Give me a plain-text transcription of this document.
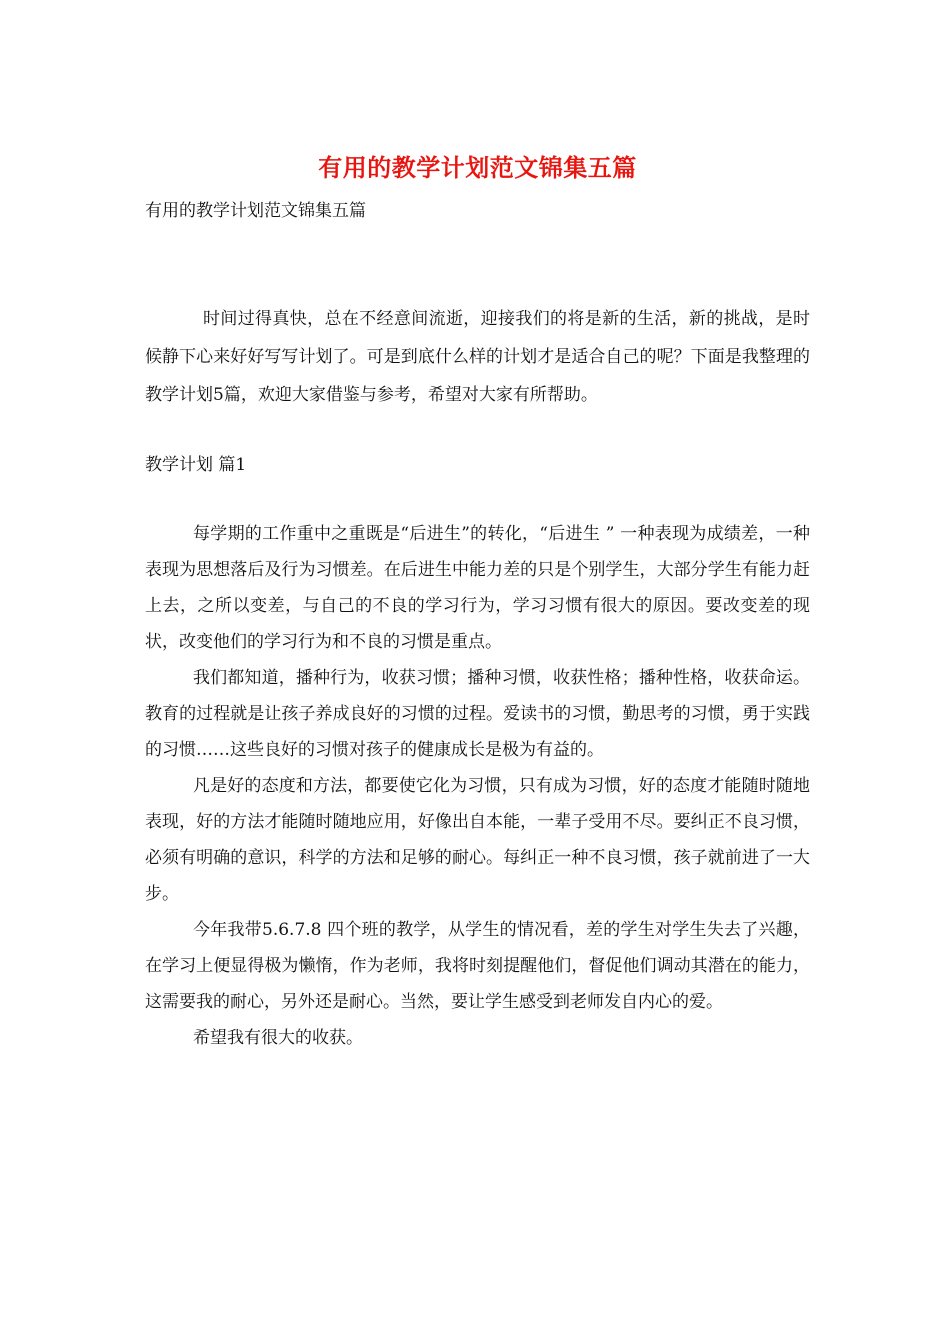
有用的教学计划范文锦集五篇

有用的教学计划范文锦集五篇

时间过得真快，总在不经意间流逝，迎接我们的将是新的生活，新的挑战，是时候静下心来好好写写计划了。可是到底什么样的计划才是适合自己的呢？下面是我整理的教学计划5篇，欢迎大家借鉴与参考，希望对大家有所帮助。

教学计划 篇1

每学期的工作重中之重既是“后进生”的转化，“后进生 ” 一种表现为成绩差，一种表现为思想落后及行为习惯差。在后进生中能力差的只是个别学生，大部分学生有能力赶上去，之所以变差，与自己的不良的学习行为，学习习惯有很大的原因。要改变差的现状，改变他们的学习行为和不良的习惯是重点。

我们都知道，播种行为，收获习惯；播种习惯，收获性格；播种性格，收获命运。 教育的过程就是让孩子养成良好的习惯的过程。爱读书的习惯，勤思考的习惯，勇于实践的习惯……这些良好的习惯对孩子的健康成长是极为有益的。

凡是好的态度和方法，都要使它化为习惯，只有成为习惯，好的态度才能随时随地表现，好的方法才能随时随地应用，好像出自本能，一辈子受用不尽。要纠正不良习惯，必须有明确的意识，科学的方法和足够的耐心。每纠正一种不良习惯，孩子就前进了一大步。

今年我带5.6.7.8 四个班的教学，从学生的情况看，差的学生对学生失去了兴趣，在学习上便显得极为懒惰，作为老师，我将时刻提醒他们，督促他们调动其潜在的能力，这需要我的耐心，另外还是耐心。当然，要让学生感受到老师发自内心的爱。

希望我有很大的收获。
